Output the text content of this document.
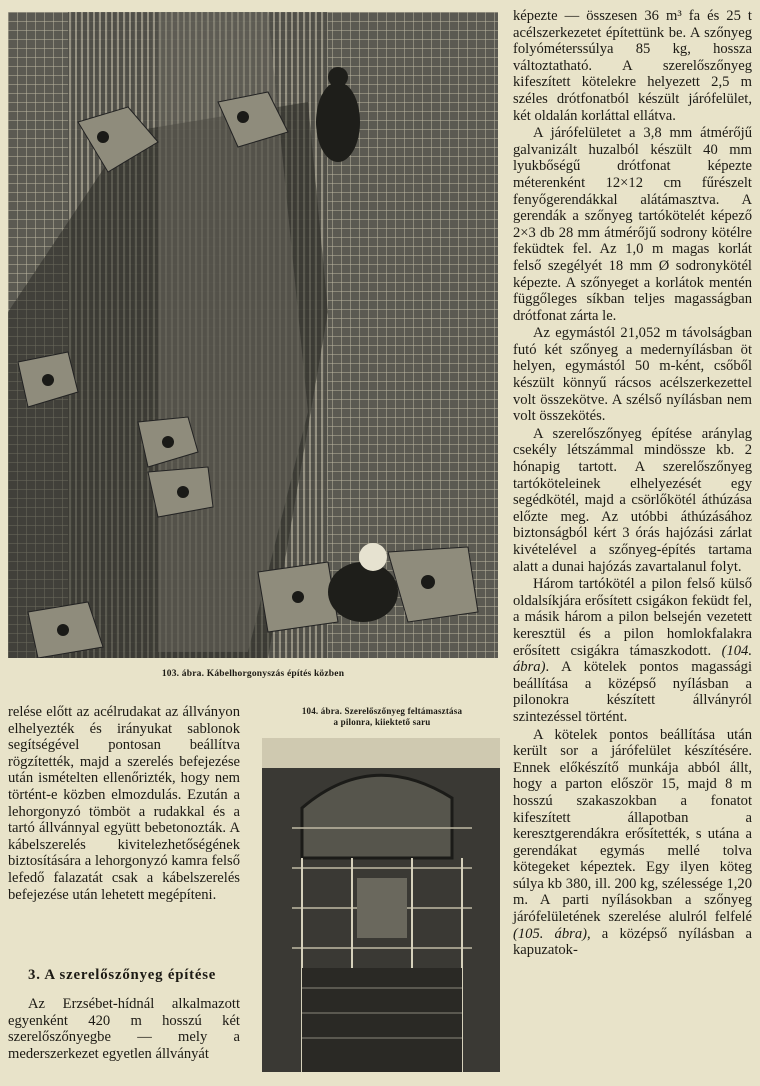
103. ábra. Kábelhorgonyszás építés közben

relése előtt az acélrudakat az állványon elhelyezték és irányukat sablonok segítségével pontosan beállítva rögzítették, majd a szerelés befejezése után ismételten ellenőrizték, hogy nem történt-e közben elmozdulás. Ezután a lehorgonyzó tömböt a rudakkal és a tartó állvánnyal együtt bebetonozták. A kábelszerelés kivitelezhetőségének biztosítására a lehorgonyzó kamra felső lefedő falazatát csak a kábelszerelés befejezése után lehetett megépíteni.

3. A szerelőszőnyeg építése

Az Erzsébet-hídnál alkalmazott egyenként 420 m hosszú két szerelőszőnyegbe — mely a mederszerkezet egyetlen állványát

104. ábra. Szerelőszőnyeg feltámasztása
a pilonra, kiiektető saru

képezte — összesen 36 m³ fa és 25 t acélszerkezetet építettünk be. A szőnyeg folyóméterssúlya 85 kg, hossza változtatható. A szerelőszőnyeg kifeszített kötelekre helyezett 2,5 m széles drótfonatból készült járófelület, két oldalán korláttal ellátva.

A járófelületet a 3,8 mm átmérőjű galvanizált huzalból készült 40 mm lyukbőségű drótfonat képezte méterenként 12×12 cm fűrészelt fenyőgerendákkal alátámasztva. A gerendák a szőnyeg tartókötelét képező 2×3 db 28 mm átmérőjű sodrony kötélre feküdtek fel. Az 1,0 m magas korlát felső szegélyét 18 mm Ø sodronykötél képezte. A szőnyeget a korlátok mentén függőleges síkban teljes magasságban drótfonat zárta le.

Az egymástól 21,052 m távolságban futó két szőnyeg a medernyílásban öt helyen, egymástól 50 m-ként, csőből készült könnyű rácsos acélszerkezettel volt összekötve. A szélső nyílásban nem volt összekötés.

A szerelőszőnyeg építése aránylag csekély létszámmal mindössze kb. 2 hónapig tartott. A szerelőszőnyeg tartóköteleinek elhelyezését egy segédkötél, majd a csörlőkötél áthúzása előzte meg. Az utóbbi áthúzásához biztonságból kért 3 órás hajózási zárlat kivételével a szőnyeg-építés tartama alatt a dunai hajózás zavartalanul folyt.

Három tartókötél a pilon felső külső oldalsíkjára erősített csigákon feküdt fel, a másik három a pilon belsején vezetett keresztül és a pilon homlokfalakra erősített csigákra támaszkodott. (104. ábra). A kötelek pontos magassági beállítása a középső nyílásban a pilonokra készített állványról szintezéssel történt.

A kötelek pontos beállítása után került sor a járófelület készítésére. Ennek előkészítő munkája abból állt, hogy a parton először 15, majd 8 m hosszú szakaszokban a fonatot kifeszített állapotban a keresztgerendákra erősítették, s utána a gerendákat egymás mellé tolva kötegeket képeztek. Egy ilyen köteg súlya kb 380, ill. 200 kg, szélessége 1,20 m. A parti nyílásokban a szőnyeg járófelületének szerelése alulról felfelé (105. ábra), a középső nyílásban a kapuzatok-
